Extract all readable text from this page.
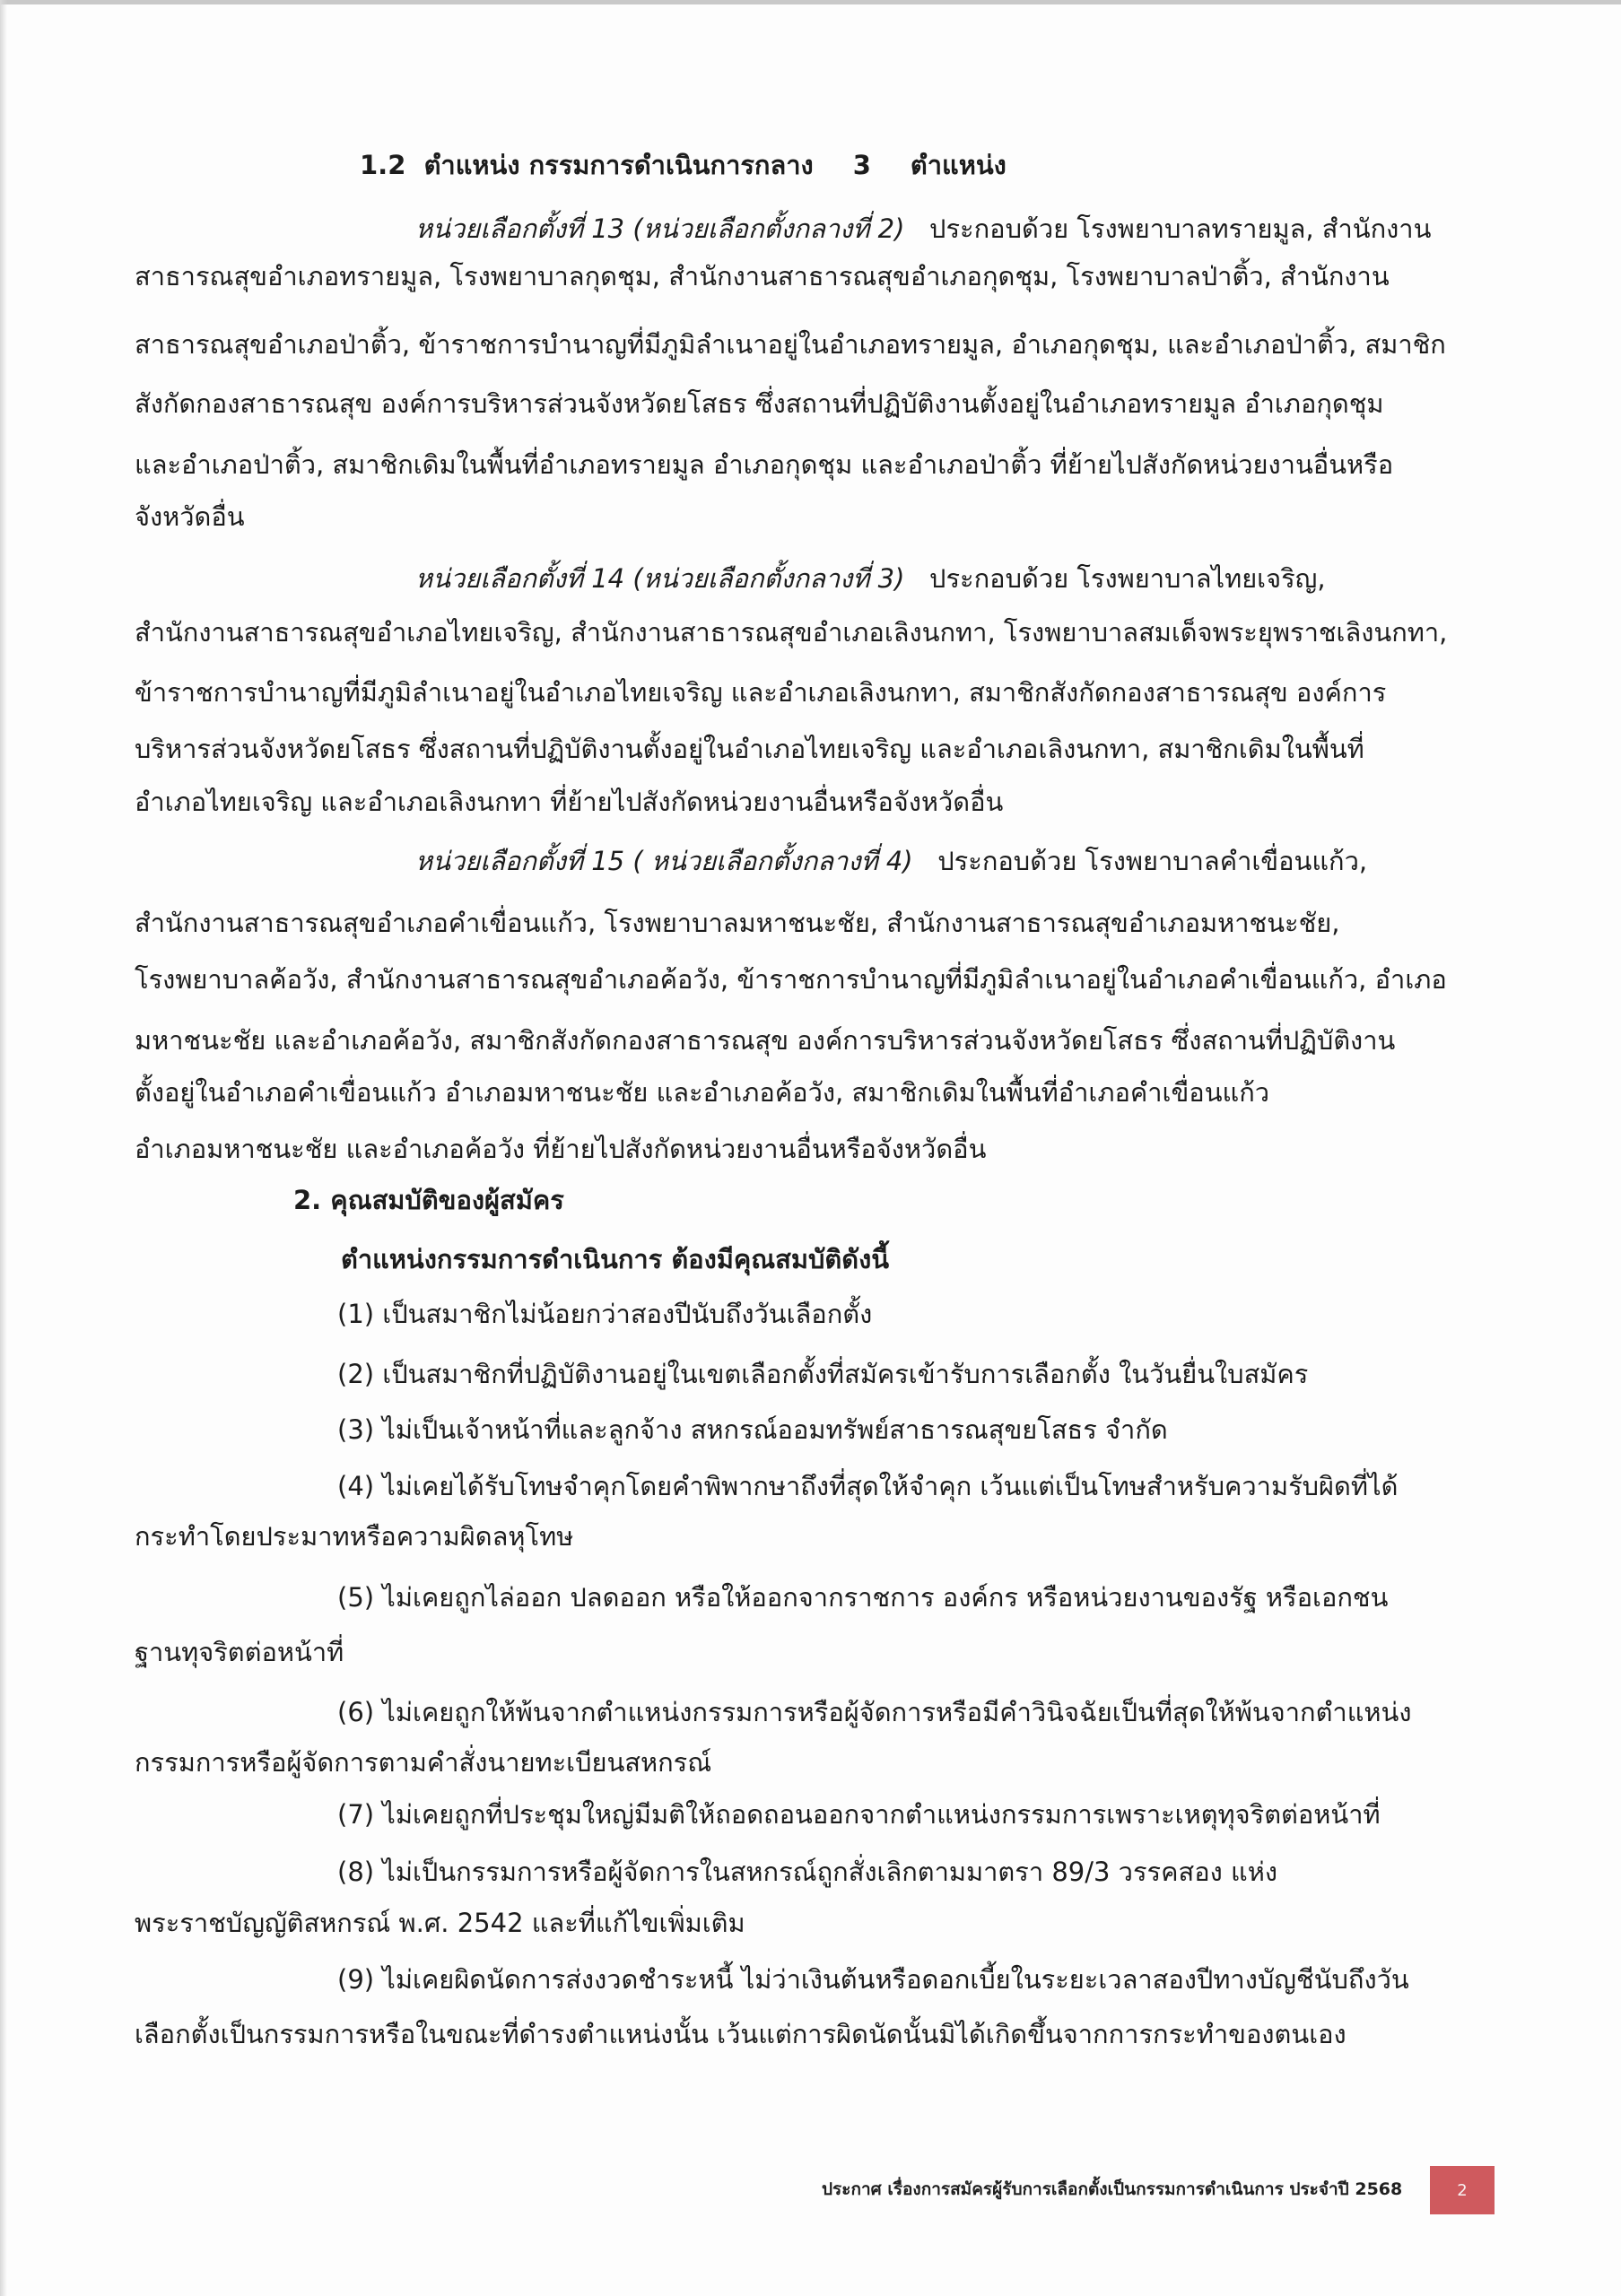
1.2 ตำแหน่ง กรรมการดำเนินการกลาง 3 ตำแหน่ง

หน่วยเลือกตั้งที่ 13 (หน่วยเลือกตั้งกลางที่ 2) ประกอบด้วย โรงพยาบาลทรายมูล, สำนักงาน

สาธารณสุขอำเภอทรายมูล, โรงพยาบาลกุดชุม, สำนักงานสาธารณสุขอำเภอกุดชุม, โรงพยาบาลป่าติ้ว, สำนักงาน

สาธารณสุขอำเภอป่าติ้ว, ข้าราชการบำนาญที่มีภูมิลำเนาอยู่ในอำเภอทรายมูล, อำเภอกุดชุม, และอำเภอป่าติ้ว, สมาชิก

สังกัดกองสาธารณสุข องค์การบริหารส่วนจังหวัดยโสธร ซึ่งสถานที่ปฏิบัติงานตั้งอยู่ในอำเภอทรายมูล อำเภอกุดชุม

และอำเภอป่าติ้ว, สมาชิกเดิมในพื้นที่อำเภอทรายมูล อำเภอกุดชุม และอำเภอป่าติ้ว ที่ย้ายไปสังกัดหน่วยงานอื่นหรือ

จังหวัดอื่น

หน่วยเลือกตั้งที่ 14 (หน่วยเลือกตั้งกลางที่ 3) ประกอบด้วย โรงพยาบาลไทยเจริญ,

สำนักงานสาธารณสุขอำเภอไทยเจริญ, สำนักงานสาธารณสุขอำเภอเลิงนกทา, โรงพยาบาลสมเด็จพระยุพราชเลิงนกทา,

ข้าราชการบำนาญที่มีภูมิลำเนาอยู่ในอำเภอไทยเจริญ และอำเภอเลิงนกทา, สมาชิกสังกัดกองสาธารณสุข องค์การ

บริหารส่วนจังหวัดยโสธร ซึ่งสถานที่ปฏิบัติงานตั้งอยู่ในอำเภอไทยเจริญ และอำเภอเลิงนกทา, สมาชิกเดิมในพื้นที่

อำเภอไทยเจริญ และอำเภอเลิงนกทา ที่ย้ายไปสังกัดหน่วยงานอื่นหรือจังหวัดอื่น

หน่วยเลือกตั้งที่ 15 ( หน่วยเลือกตั้งกลางที่ 4) ประกอบด้วย โรงพยาบาลคำเขื่อนแก้ว,

สำนักงานสาธารณสุขอำเภอคำเขื่อนแก้ว, โรงพยาบาลมหาชนะชัย, สำนักงานสาธารณสุขอำเภอมหาชนะชัย,

โรงพยาบาลค้อวัง, สำนักงานสาธารณสุขอำเภอค้อวัง, ข้าราชการบำนาญที่มีภูมิลำเนาอยู่ในอำเภอคำเขื่อนแก้ว, อำเภอ

มหาชนะชัย และอำเภอค้อวัง, สมาชิกสังกัดกองสาธารณสุข องค์การบริหารส่วนจังหวัดยโสธร ซึ่งสถานที่ปฏิบัติงาน

ตั้งอยู่ในอำเภอคำเขื่อนแก้ว อำเภอมหาชนะชัย และอำเภอค้อวัง, สมาชิกเดิมในพื้นที่อำเภอคำเขื่อนแก้ว

อำเภอมหาชนะชัย และอำเภอค้อวัง ที่ย้ายไปสังกัดหน่วยงานอื่นหรือจังหวัดอื่น

2. คุณสมบัติของผู้สมัคร

ตำแหน่งกรรมการดำเนินการ ต้องมีคุณสมบัติดังนี้

(1) เป็นสมาชิกไม่น้อยกว่าสองปีนับถึงวันเลือกตั้ง

(2) เป็นสมาชิกที่ปฏิบัติงานอยู่ในเขตเลือกตั้งที่สมัครเข้ารับการเลือกตั้ง ในวันยื่นใบสมัคร

(3) ไม่เป็นเจ้าหน้าที่และลูกจ้าง สหกรณ์ออมทรัพย์สาธารณสุขยโสธร จำกัด

(4) ไม่เคยได้รับโทษจำคุกโดยคำพิพากษาถึงที่สุดให้จำคุก เว้นแต่เป็นโทษสำหรับความรับผิดที่ได้

กระทำโดยประมาทหรือความผิดลหุโทษ

(5) ไม่เคยถูกไล่ออก ปลดออก หรือให้ออกจากราชการ องค์กร หรือหน่วยงานของรัฐ หรือเอกชน

ฐานทุจริตต่อหน้าที่

(6) ไม่เคยถูกให้พ้นจากตำแหน่งกรรมการหรือผู้จัดการหรือมีคำวินิจฉัยเป็นที่สุดให้พ้นจากตำแหน่ง

กรรมการหรือผู้จัดการตามคำสั่งนายทะเบียนสหกรณ์

(7) ไม่เคยถูกที่ประชุมใหญ่มีมติให้ถอดถอนออกจากตำแหน่งกรรมการเพราะเหตุทุจริตต่อหน้าที่

(8) ไม่เป็นกรรมการหรือผู้จัดการในสหกรณ์ถูกสั่งเลิกตามมาตรา 89/3 วรรคสอง แห่ง

พระราชบัญญัติสหกรณ์ พ.ศ. 2542 และที่แก้ไขเพิ่มเติม

(9) ไม่เคยผิดนัดการส่งงวดชำระหนี้ ไม่ว่าเงินต้นหรือดอกเบี้ยในระยะเวลาสองปีทางบัญชีนับถึงวัน

เลือกตั้งเป็นกรรมการหรือในขณะที่ดำรงตำแหน่งนั้น เว้นแต่การผิดนัดนั้นมิได้เกิดขึ้นจากการกระทำของตนเอง

ประกาศ เรื่องการสมัครผู้รับการเลือกตั้งเป็นกรรมการดำเนินการ ประจำปี 2568	2
